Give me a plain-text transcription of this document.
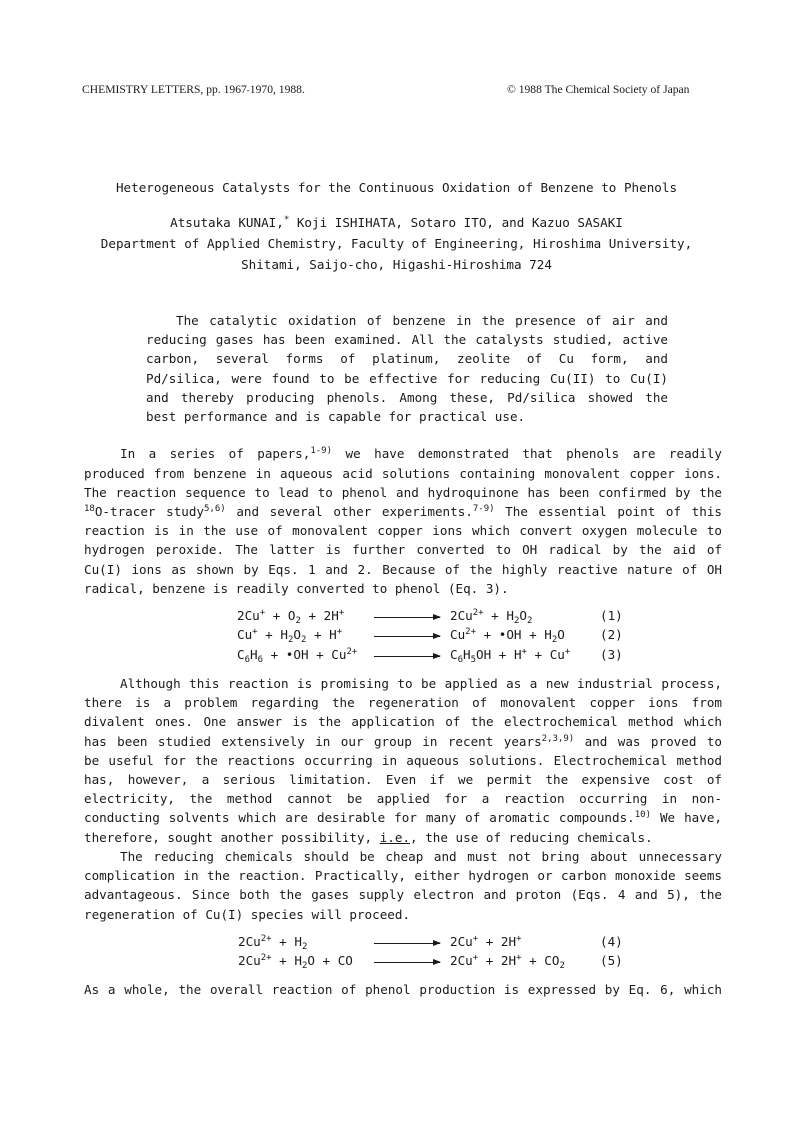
CHEMISTRY LETTERS, pp. 1967-1970, 1988.	© 1988 The Chemical Society of Japan
Heterogeneous Catalysts for the Continuous Oxidation of Benzene to Phenols
Atsutaka KUNAI,* Koji ISHIHATA, Sotaro ITO, and Kazuo SASAKI
Department of Applied Chemistry, Faculty of Engineering, Hiroshima University,
Shitami, Saijo-cho, Higashi-Hiroshima 724
The catalytic oxidation of benzene in the presence of air and
reducing gases has been examined. All the catalysts studied, active
carbon, several forms of platinum, zeolite of Cu form, and
Pd/silica, were found to be effective for reducing Cu(II) to Cu(I)
and thereby producing phenols. Among these, Pd/silica showed the
best performance and is capable for practical use.
In a series of papers,$^{1-9)}$ we have demonstrated that phenols are readily
produced from benzene in aqueous acid solutions containing monovalent copper ions.
The reaction sequence to lead to phenol and hydroquinone has been confirmed by the
$^{18}$O-tracer study$^{5,6)}$ and several other experiments.$^{7-9)}$ The essential point of this
reaction is in the use of monovalent copper ions which convert oxygen molecule to
hydrogen peroxide. The latter is further converted to OH radical by the aid of
Cu(I) ions as shown by Eqs. 1 and 2. Because of the highly reactive nature of OH
radical, benzene is readily converted to phenol (Eq. 3).
$2Cu^+ + O_2 + 2H^+$	$2Cu^{2+} + H_2O_2$	(1)
$Cu^+ + H_2O_2 + H^+$	$Cu^{2+}$ + •OH + $H_2O$	(2)
$C_6H_6$ + •OH + $Cu^{2+}$	$C_6H_5OH + H^+ + Cu^+$ (3)
Although this reaction is promising to be applied as a new industrial process,
there is a problem regarding the regeneration of monovalent copper ions from
divalent ones. One answer is the application of the electrochemical method which
has been studied extensively in our group in recent years$^{2,3,9)}$ and was proved to
be useful for the reactions occurring in aqueous solutions. Electrochemical method
has, however, a serious limitation. Even if we permit the expensive cost of
electricity, the method cannot be applied for a reaction occurring in non-
conducting solvents which are desirable for many of aromatic compounds.$^{10)}$ We have,
therefore, sought another possibility, i.e., the use of reducing chemicals.
The reducing chemicals should be cheap and must not bring about unnecessary
complication in the reaction. Practically, either hydrogen or carbon monoxide seems
advantageous. Since both the gases supply electron and proton (Eqs. 4 and 5), the
regeneration of Cu(I) species will proceed.
$2Cu^{2+} + H_2$	2Cu+ + 2H+	(4)
$2Cu^{2+} + H_2O$ + CO	$2Cu^+ + 2H^+ + CO_2$	(5)
As a whole, the overall reaction of phenol production is expressed by Eq. 6, which
